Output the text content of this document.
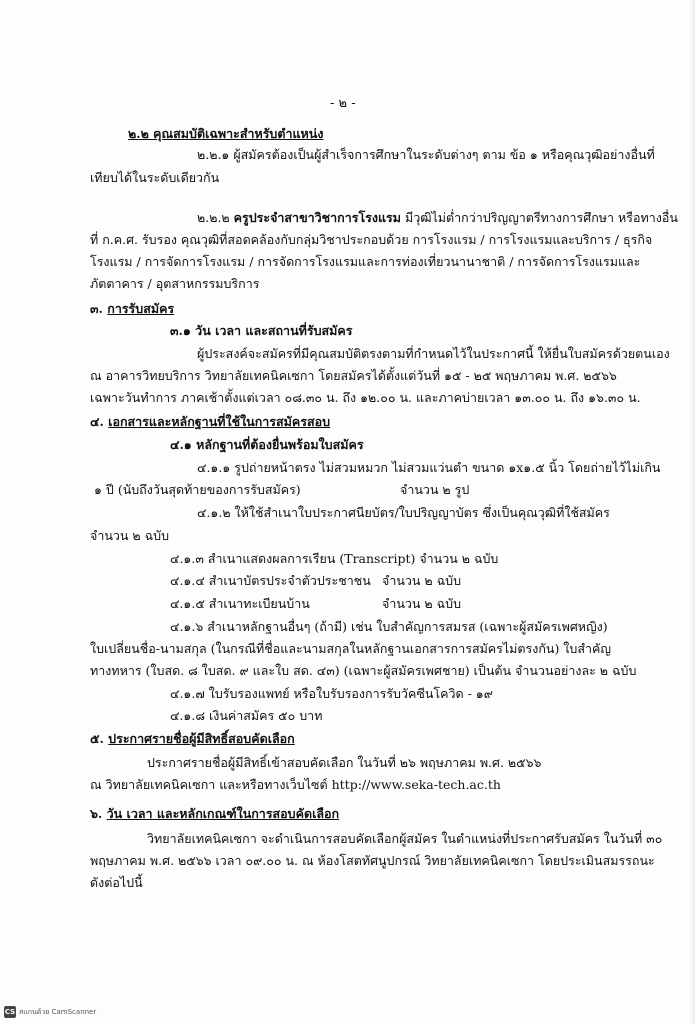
- ๒ -
๒.๒ คุณสมบัติเฉพาะสำหรับตำแหน่ง
๒.๒.๑ ผู้สมัครต้องเป็นผู้สำเร็จการศึกษาในระดับต่างๆ ตาม ข้อ ๑ หรือคุณวุฒิอย่างอื่นที่
เทียบได้ในระดับเดียวกัน
๒.๒.๒ ครูประจำสาขาวิชาการโรงแรม มีวุฒิไม่ต่ำกว่าปริญญาตรีทางการศึกษา หรือทางอื่น
ที่ ก.ค.ศ. รับรอง คุณวุฒิที่สอดคล้องกับกลุ่มวิชาประกอบด้วย การโรงแรม / การโรงแรมและบริการ / ธุรกิจ
โรงแรม / การจัดการโรงแรม / การจัดการโรงแรมและการท่องเที่ยวนานาชาติ / การจัดการโรงแรมและ
ภัตตาคาร / อุตสาหกรรมบริการ
๓. การรับสมัคร
๓.๑ วัน เวลา และสถานที่รับสมัคร
ผู้ประสงค์จะสมัครที่มีคุณสมบัติตรงตามที่กำหนดไว้ในประกาศนี้ ให้ยื่นใบสมัครด้วยตนเอง
ณ อาคารวิทยบริการ วิทยาลัยเทคนิคเซกา โดยสมัครได้ตั้งแต่วันที่ ๑๕ - ๒๕ พฤษภาคม พ.ศ. ๒๕๖๖
เฉพาะวันทำการ ภาคเช้าตั้งแต่เวลา ๐๘.๓๐ น. ถึง ๑๒.๐๐ น. และภาคบ่ายเวลา ๑๓.๐๐ น. ถึง ๑๖.๓๐ น.
๔. เอกสารและหลักฐานที่ใช้ในการสมัครสอบ
๔.๑ หลักฐานที่ต้องยื่นพร้อมใบสมัคร
๔.๑.๑ รูปถ่ายหน้าตรง ไม่สวมหมวก ไม่สวมแว่นตำ ขนาด ๑x๑.๕ นิ้ว โดยถ่ายไว้ไม่เกิน
๑ ปี (นับถึงวันสุดท้ายของการรับสมัคร)	จำนวน ๒ รูป
๔.๑.๒ ให้ใช้สำเนาใบประกาศนียบัตร/ใบปริญญาบัตร ซึ่งเป็นคุณวุฒิที่ใช้สมัคร
จำนวน ๒ ฉบับ
๔.๑.๓ สำเนาแสดงผลการเรียน (Transcript) จำนวน ๒ ฉบับ
๔.๑.๔ สำเนาบัตรประจำตัวประชาชน จำนวน ๒ ฉบับ
๔.๑.๕ สำเนาทะเบียนบ้าน	จำนวน ๒ ฉบับ
๔.๑.๖ สำเนาหลักฐานอื่นๆ (ถ้ามี) เช่น ใบสำคัญการสมรส (เฉพาะผู้สมัครเพศหญิง)
ใบเปลี่ยนชื่อ-นามสกุล (ในกรณีที่ชื่อและนามสกุลในหลักฐานเอกสารการสมัครไม่ตรงกัน) ใบสำคัญ
ทางทหาร (ใบสด. ๘ ใบสด. ๙ และใบ สด. ๔๓) (เฉพาะผู้สมัครเพศชาย) เป็นต้น จำนวนอย่างละ ๒ ฉบับ
๔.๑.๗ ใบรับรองแพทย์ หรือใบรับรองการรับวัคซีนโควิด - ๑๙
๔.๑.๘ เงินค่าสมัคร ๕๐ บาท
๕. ประกาศรายชื่อผู้มีสิทธิ์สอบคัดเลือก
ประกาศรายชื่อผู้มีสิทธิ์เข้าสอบคัดเลือก ในวันที่ ๒๖ พฤษภาคม พ.ศ. ๒๕๖๖
ณ วิทยาลัยเทคนิคเซกา และหรือทางเว็บไซต์ http://www.seka-tech.ac.th
๖. วัน เวลา และหลักเกณฑ์ในการสอบคัดเลือก
วิทยาลัยเทคนิคเซกา จะดำเนินการสอบคัดเลือกผู้สมัคร ในตำแหน่งที่ประกาศรับสมัคร ในวันที่ ๓๐
พฤษภาคม พ.ศ. ๒๕๖๖ เวลา ๐๙.๐๐ น. ณ ห้องโสตทัศนูปกรณ์ วิทยาลัยเทคนิคเซกา โดยประเมินสมรรถนะ
ดังต่อไปนี้
CS สแกนด้วย CamScanner
